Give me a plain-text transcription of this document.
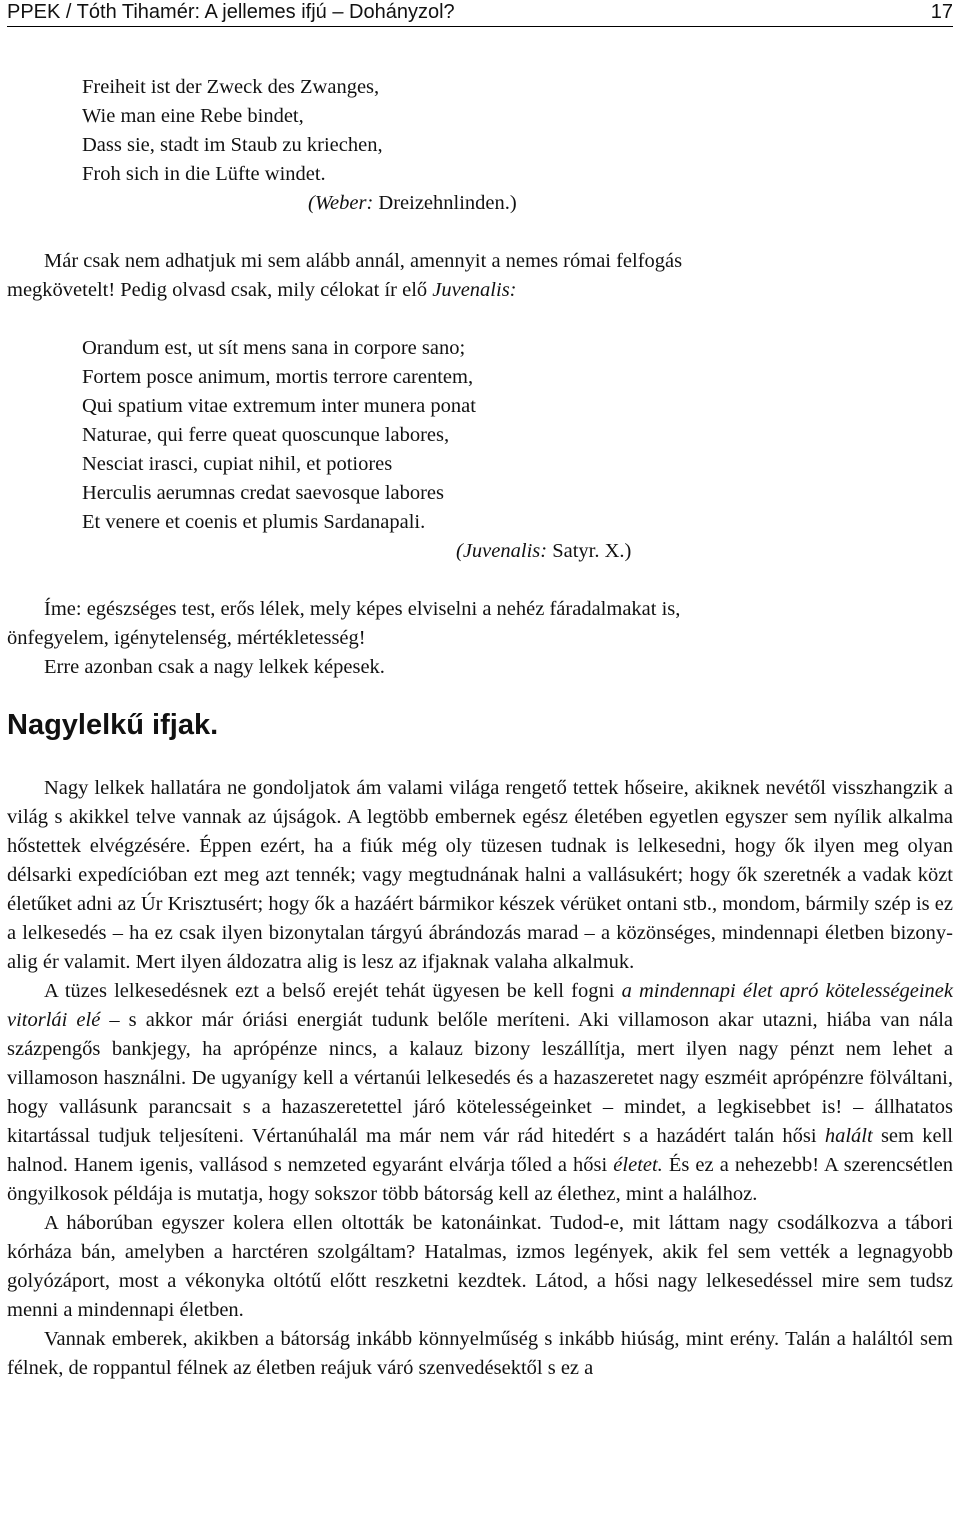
PPEK / Tóth Tihamér: A jellemes ifjú – Dohányzol?	17
Freiheit ist der Zweck des Zwanges,
Wie man eine Rebe bindet,
Dass sie, stadt im Staub zu kriechen,
Froh sich in die Lüfte windet.
(Weber: Dreizehnlinden.)
Már csak nem adhatjuk mi sem alább annál, amennyit a nemes római felfogás
megkövetelt! Pedig olvasd csak, mily célokat ír elő Juvenalis:
Orandum est, ut sít mens sana in corpore sano;
Fortem posce animum, mortis terrore carentem,
Qui spatium vitae extremum inter munera ponat
Naturae, qui ferre queat quoscunque labores,
Nesciat irasci, cupiat nihil, et potiores
Herculis aerumnas credat saevosque labores
Et venere et coenis et plumis Sardanapali.
(Juvenalis: Satyr. X.)
Íme: egészséges test, erős lélek, mely képes elviselni a nehéz fáradalmakat is,
önfegyelem, igénytelenség, mértékletesség!
Erre azonban csak a nagy lelkek képesek.
Nagylelkű ifjak.

Nagy lelkek hallatára ne gondoljatok ám valami világa rengető tettek hőseire, akiknek nevétől visszhangzik a világ s akikkel telve vannak az újságok. A legtöbb embernek egész életében egyetlen egyszer sem nyílik alkalma hőstettek elvégzésére. Éppen ezért, ha a fiúk még oly tüzesen tudnak is lelkesedni, hogy ők ilyen meg olyan délsarki expedícióban ezt meg azt tennék; vagy megtudnának halni a vallásukért; hogy ők szeretnék a vadak közt életűket adni az Úr Krisztusért; hogy ők a hazáért bármikor készek vérüket ontani stb., mondom, bármily szép is ez a lelkesedés – ha ez csak ilyen bizonytalan tárgyú ábrándozás marad – a közönséges, mindennapi életben bizony-alig ér valamit. Mert ilyen áldozatra alig is lesz az ifjaknak valaha alkalmuk.

A tüzes lelkesedésnek ezt a belső erejét tehát ügyesen be kell fogni a mindennapi élet apró kötelességeinek vitorlái elé – s akkor már óriási energiát tudunk belőle meríteni. Aki villamoson akar utazni, hiába van nála százpengős bankjegy, ha aprópénze nincs, a kalauz bizony leszállítja, mert ilyen nagy pénzt nem lehet a villamoson használni. De ugyanígy kell a vértanúi lelkesedés és a hazaszeretet nagy eszméit aprópénzre fölváltani, hogy vallásunk parancsait s a hazaszeretettel járó kötelességeinket – mindet, a legkisebbet is! – állhatatos kitartással tudjuk teljesíteni. Vértanúhalál ma már nem vár rád hitedért s a hazádért talán hősi halált sem kell halnod. Hanem igenis, vallásod s nemzeted egyaránt elvárja tőled a hősi életet. És ez a nehezebb! A szerencsétlen öngyilkosok példája is mutatja, hogy sokszor több bátorság kell az élethez, mint a halálhoz.

A háborúban egyszer kolera ellen oltották be katonáinkat. Tudod-e, mit láttam nagy csodálkozva a tábori kórháza bán, amelyben a harctéren szolgáltam? Hatalmas, izmos legények, akik fel sem vették a legnagyobb golyózáport, most a vékonyka oltótű előtt reszketni kezdtek. Látod, a hősi nagy lelkesedéssel mire sem tudsz menni a mindennapi életben.

Vannak emberek, akikben a bátorság inkább könnyelműség s inkább hiúság, mint erény. Talán a haláltól sem félnek, de roppantul félnek az életben reájuk váró szenvedésektől s ez a
